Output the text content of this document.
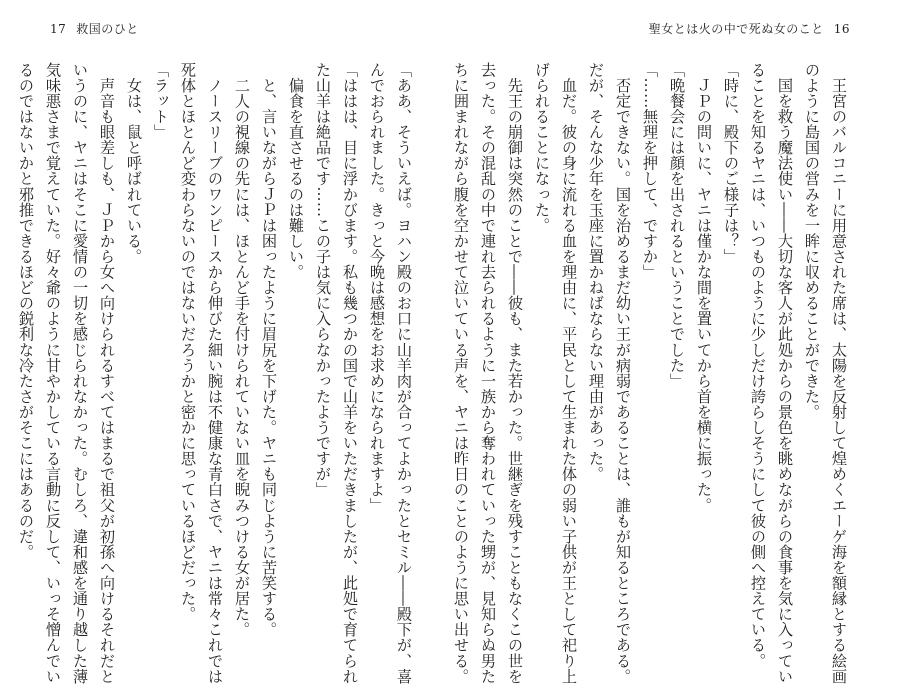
17 救国のひと
「ああ、そういえば。ヨハン殿のお口に山羊肉が合ってよかったとセミル――殿下が、喜
んでおられました。きっと今晩は感想をお求めになられますよ」
「ははは、目に浮かびます。私も幾つかの国で山羊をいただきましたが、此処で育てられ
た山羊は絶品です……この子は気に入らなかったようですが」
　偏食を直させるのは難しい。
　と、言いながらＪＰは困ったように眉尻を下げた。ヤニも同じように苦笑する。
　二人の視線の先には、ほとんど手を付けられていない皿を睨みつける女が居た。
　ノースリーブのワンピースから伸びた細い腕は不健康な青白さで、ヤニは常々これでは
死体とほとんど変わらないのではないだろうかと密かに思っているほどだった。
「ラット」
　女は、鼠と呼ばれている。
　声音も眼差しも、ＪＰから女へ向けられるすべてはまるで祖父が初孫へ向けるそれだと
いうのに、ヤニはそこに愛情の一切を感じられなかった。むしろ、違和感を通り越した薄
気味悪さまで覚えていた。好々爺のように甘やかしている言動に反して、いっそ憎んでい
るのではないかと邪推できるほどの鋭利な冷たさがそこにはあるのだ。
聖女とは火の中で死ぬ女のこと 16
　王宮のバルコニーに用意された席は、太陽を反射して煌めくエーゲ海を額縁とする絵画
のように島国の営みを一眸に収めることができた。
　国を救う魔法使い――大切な客人が此処からの景色を眺めながらの食事を気に入ってい
ることを知るヤニは、いつものように少しだけ誇らしそうにして彼の側へ控えている。
「時に、殿下のご様子は？」
　ＪＰの問いに、ヤニは僅かな間を置いてから首を横に振った。
「晩餐会には顔を出されるということでした」
「……無理を押して、ですか」
　否定できない。国を治めるまだ幼い王が病弱であることは、誰もが知るところである。
だが、そんな少年を玉座に置かねばならない理由があった。
　血だ。彼の身に流れる血を理由に、平民として生まれた体の弱い子供が王として祀り上
げられることになった。
　先王の崩御は突然のことで――彼も、また若かった。世継ぎを残すこともなくこの世を
去った。その混乱の中で連れ去られるように一族から奪われていった甥が、見知らぬ男た
ちに囲まれながら腹を空かせて泣いている声を、ヤニは昨日のことのように思い出せる。
